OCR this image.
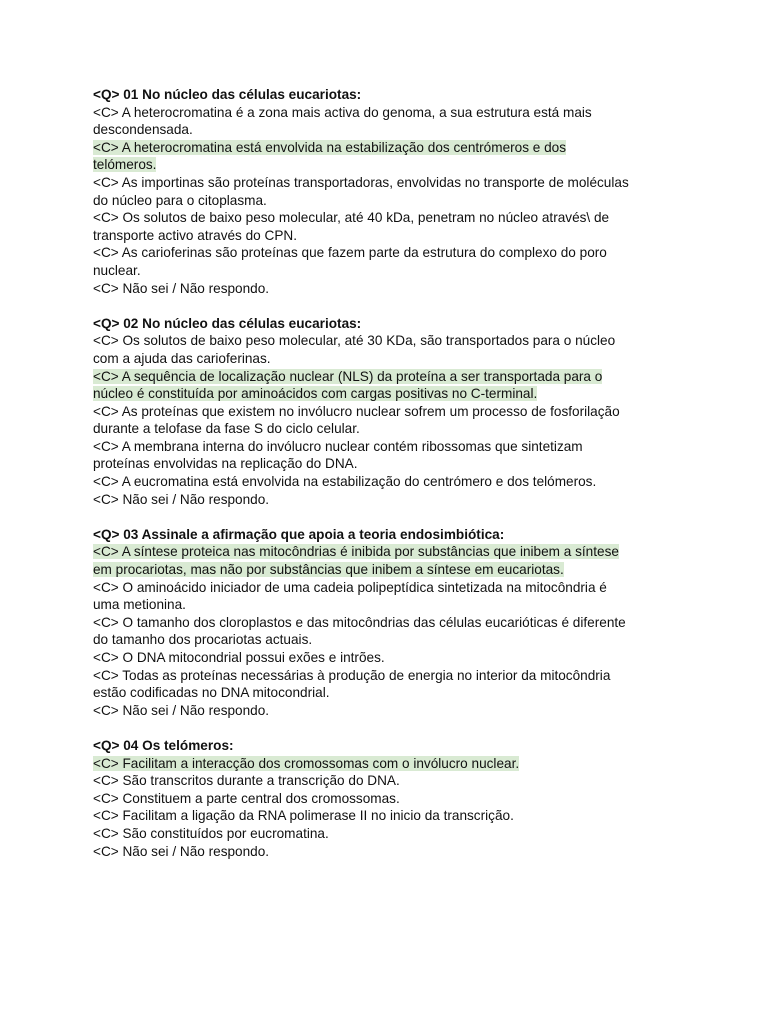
<Q> 01 No núcleo das células eucariotas:
<C> A heterocromatina é a zona mais activa do genoma, a sua estrutura está mais descondensada.
<C> A heterocromatina está envolvida na estabilização dos centrómeros e dos telómeros.
<C> As importinas são proteínas transportadoras, envolvidas no transporte de moléculas do núcleo para o citoplasma.
<C> Os solutos de baixo peso molecular, até 40 kDa, penetram no núcleo através\ de transporte activo através do CPN.
<C> As carioferinas são proteínas que fazem parte da estrutura do complexo do poro nuclear.
<C> Não sei / Não respondo.
<Q> 02 No núcleo das células eucariotas:
<C> Os solutos de baixo peso molecular, até 30 KDa, são transportados para o núcleo com a ajuda das carioferinas.
<C> A sequência de localização nuclear (NLS) da proteína a ser transportada para o núcleo é constituída por aminoácidos com cargas positivas no C-terminal.
<C> As proteínas que existem no invólucro nuclear sofrem um processo de fosforilação durante a telofase da fase S do ciclo celular.
<C> A membrana interna do invólucro nuclear contém ribossomas que sintetizam proteínas envolvidas na replicação do DNA.
<C> A eucromatina está envolvida na estabilização do centrómero e dos telómeros.
<C> Não sei / Não respondo.
<Q> 03 Assinale a afirmação que apoia a teoria endosimbiótica:
<C> A síntese proteica nas mitocôndrias é inibida por substâncias que inibem a síntese em procariotas, mas não por substâncias que inibem a síntese em eucariotas.
<C> O aminoácido iniciador de uma cadeia polipeptídica sintetizada na mitocôndria é uma metionina.
<C> O tamanho dos cloroplastos e das mitocôndrias das células eucarióticas é diferente do tamanho dos procariotas actuais.
<C> O DNA mitocondrial possui exões e intrões.
<C> Todas as proteínas necessárias à produção de energia no interior da mitocôndria estão codificadas no DNA mitocondrial.
<C> Não sei / Não respondo.
<Q> 04 Os telómeros:
<C> Facilitam a interacção dos cromossomas com o invólucro nuclear.
<C> São transcritos durante a transcrição do DNA.
<C> Constituem a parte central dos cromossomas.
<C> Facilitam a ligação da RNA polimerase II no inicio da transcrição.
<C> São constituídos por eucromatina.
<C> Não sei / Não respondo.
